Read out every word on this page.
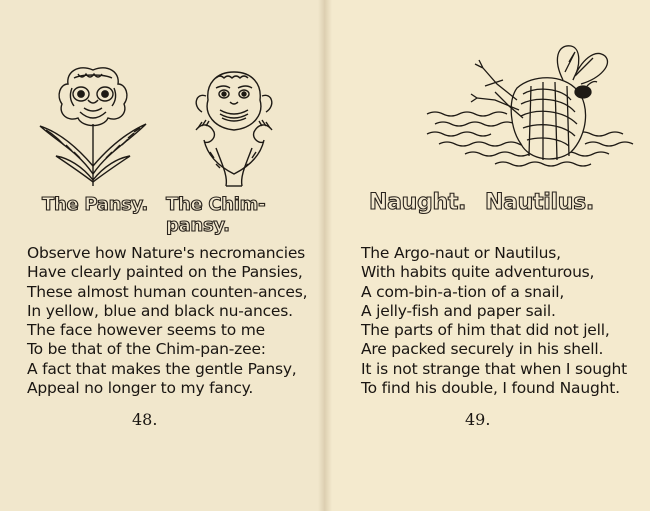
The Pansy. The Chim-pansy.
Observe how Nature's necromancies
Have clearly painted on the Pansies,
These almost human counten-ances,
In yellow, blue and black nu-ances.
The face however seems to me
To be that of the Chim-pan-zee:
A fact that makes the gentle Pansy,
Appeal no longer to my fancy.
48.
Naught. Nautilus.
The Argo-naut or Nautilus,
With habits quite adventurous,
A com-bin-a-tion of a snail,
A jelly-fish and paper sail.
The parts of him that did not jell,
Are packed securely in his shell.
It is not strange that when I sought
To find his double, I found Naught.
49.
